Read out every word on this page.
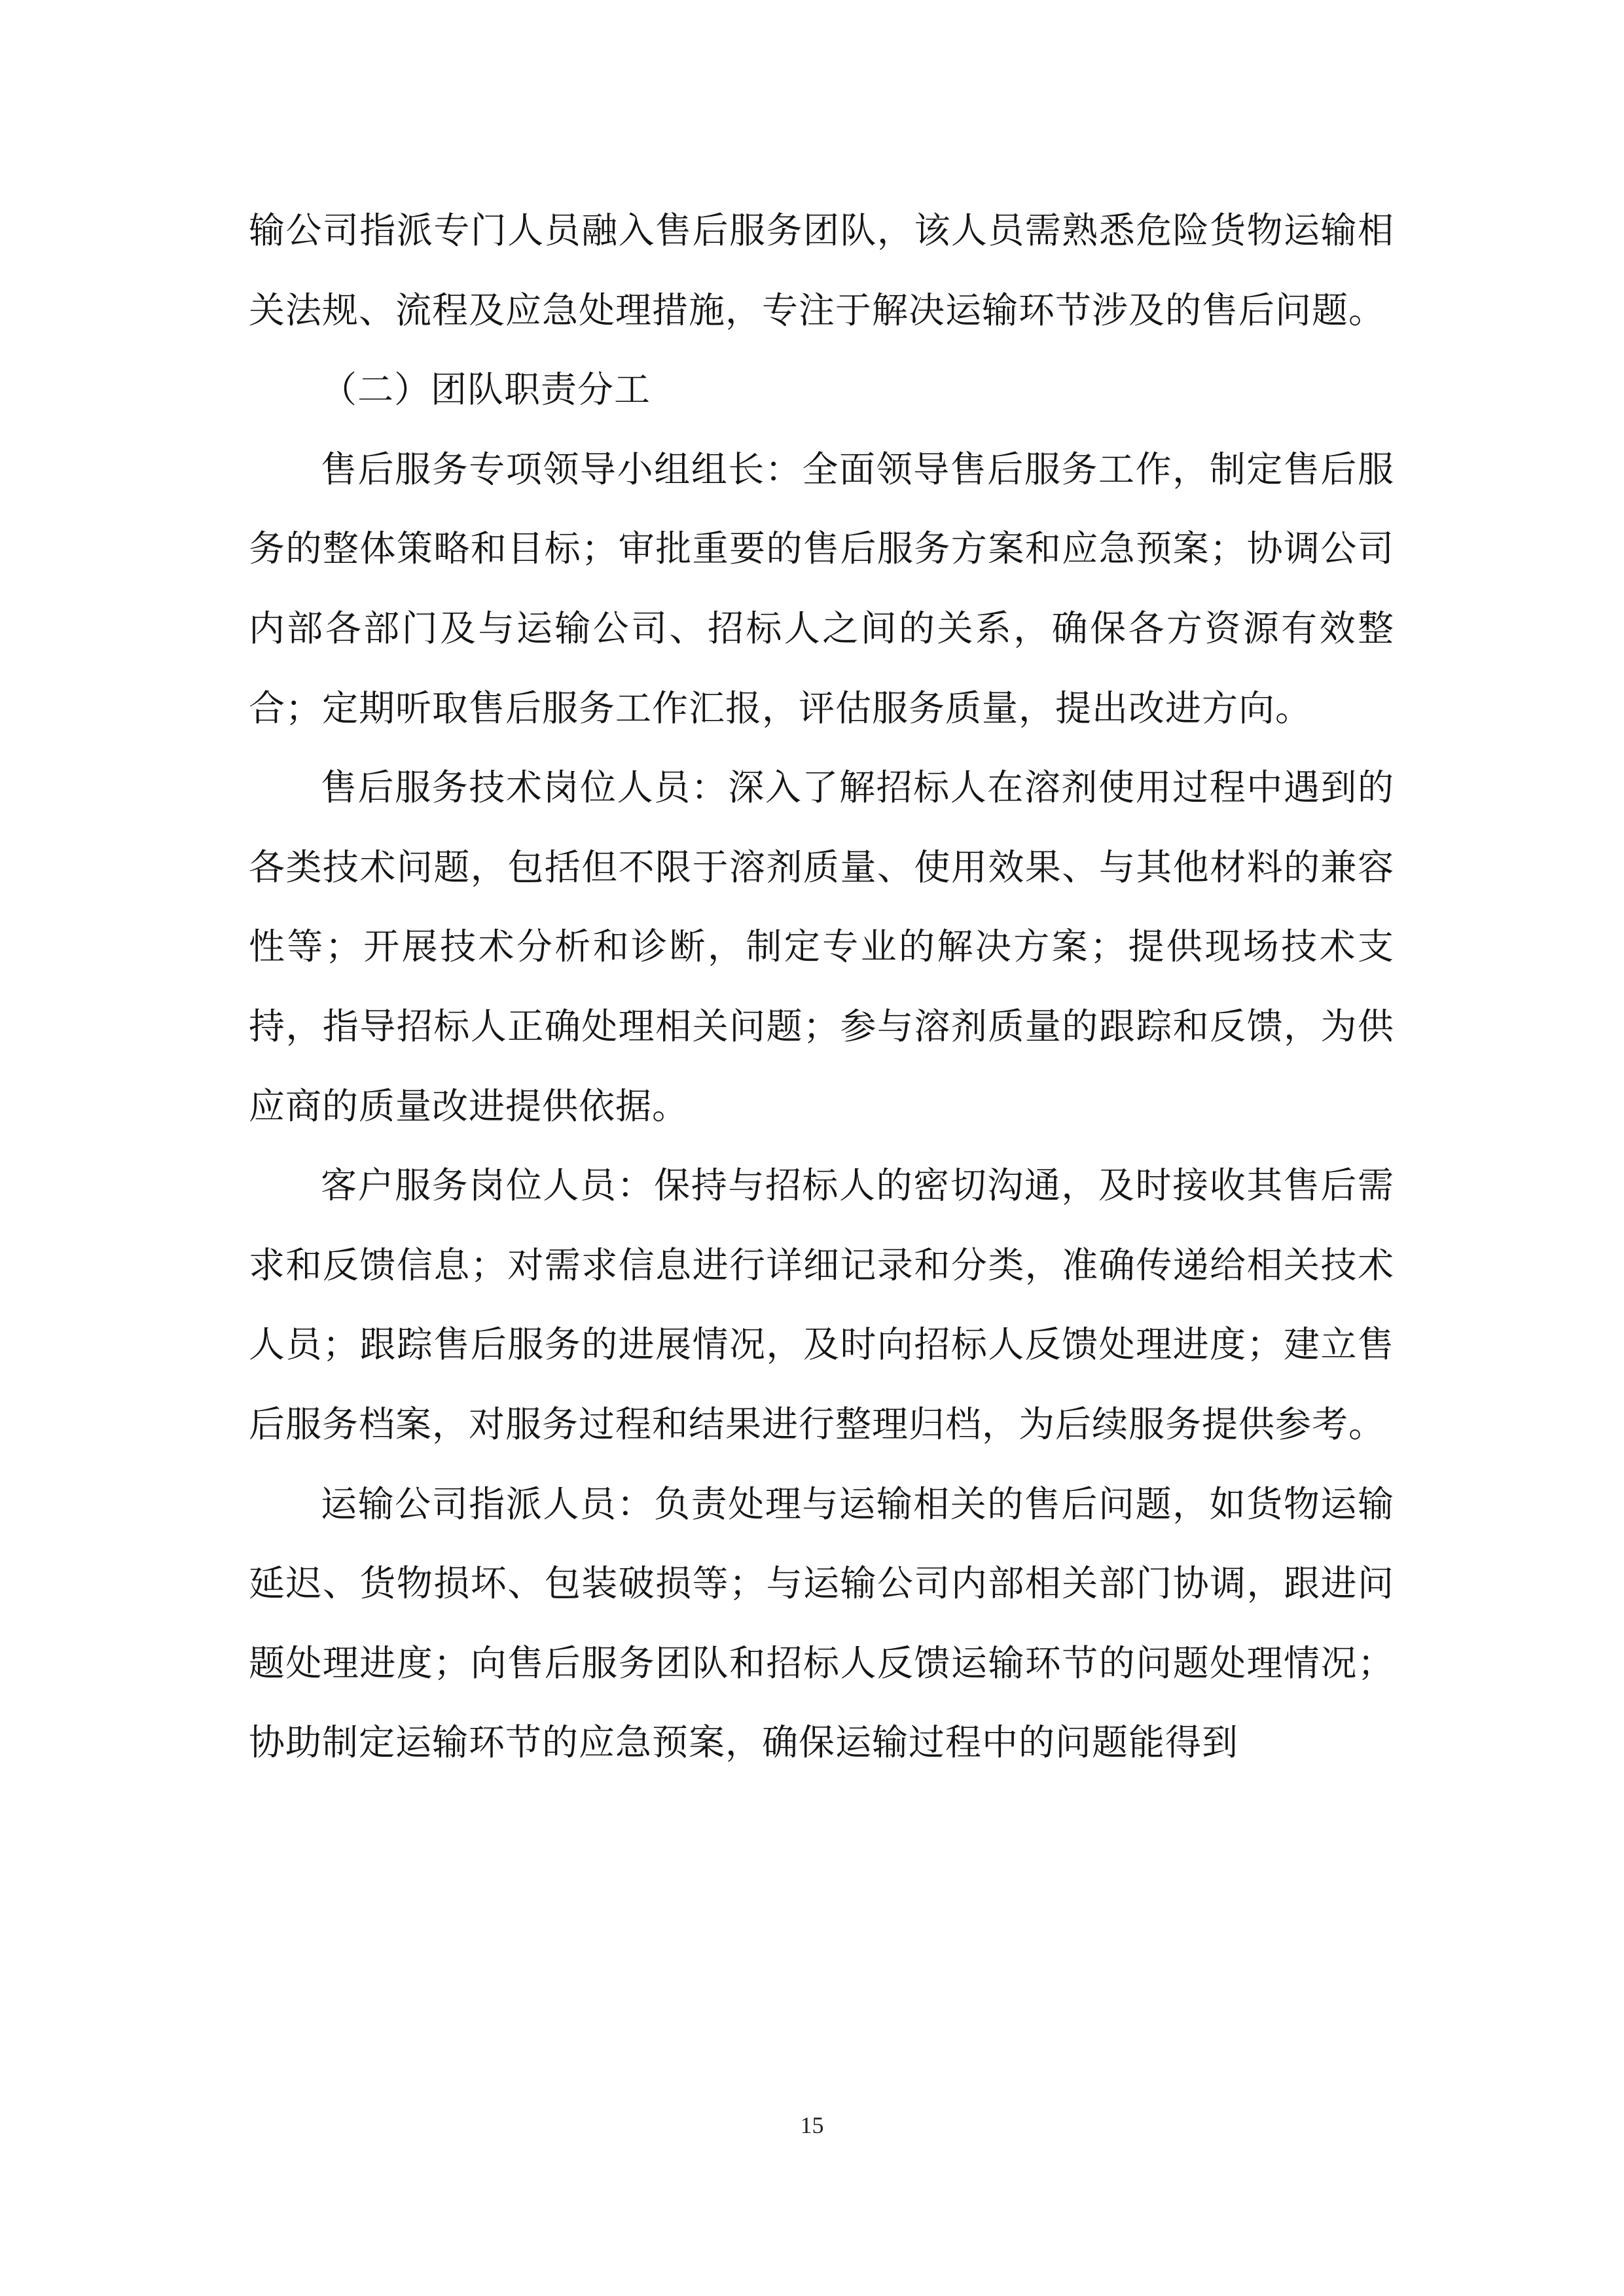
输公司指派专门人员融入售后服务团队，该人员需熟悉危险货物运输相关法规、流程及应急处理措施，专注于解决运输环节涉及的售后问题。

（二）团队职责分工

售后服务专项领导小组组长：全面领导售后服务工作，制定售后服务的整体策略和目标；审批重要的售后服务方案和应急预案；协调公司内部各部门及与运输公司、招标人之间的关系，确保各方资源有效整合；定期听取售后服务工作汇报，评估服务质量，提出改进方向。

售后服务技术岗位人员：深入了解招标人在溶剂使用过程中遇到的各类技术问题，包括但不限于溶剂质量、使用效果、与其他材料的兼容性等；开展技术分析和诊断，制定专业的解决方案；提供现场技术支持，指导招标人正确处理相关问题；参与溶剂质量的跟踪和反馈，为供应商的质量改进提供依据。

客户服务岗位人员：保持与招标人的密切沟通，及时接收其售后需求和反馈信息；对需求信息进行详细记录和分类，准确传递给相关技术人员；跟踪售后服务的进展情况，及时向招标人反馈处理进度；建立售后服务档案，对服务过程和结果进行整理归档，为后续服务提供参考。

运输公司指派人员：负责处理与运输相关的售后问题，如货物运输延迟、货物损坏、包装破损等；与运输公司内部相关部门协调，跟进问题处理进度；向售后服务团队和招标人反馈运输环节的问题处理情况；协助制定运输环节的应急预案，确保运输过程中的问题能得到

15
